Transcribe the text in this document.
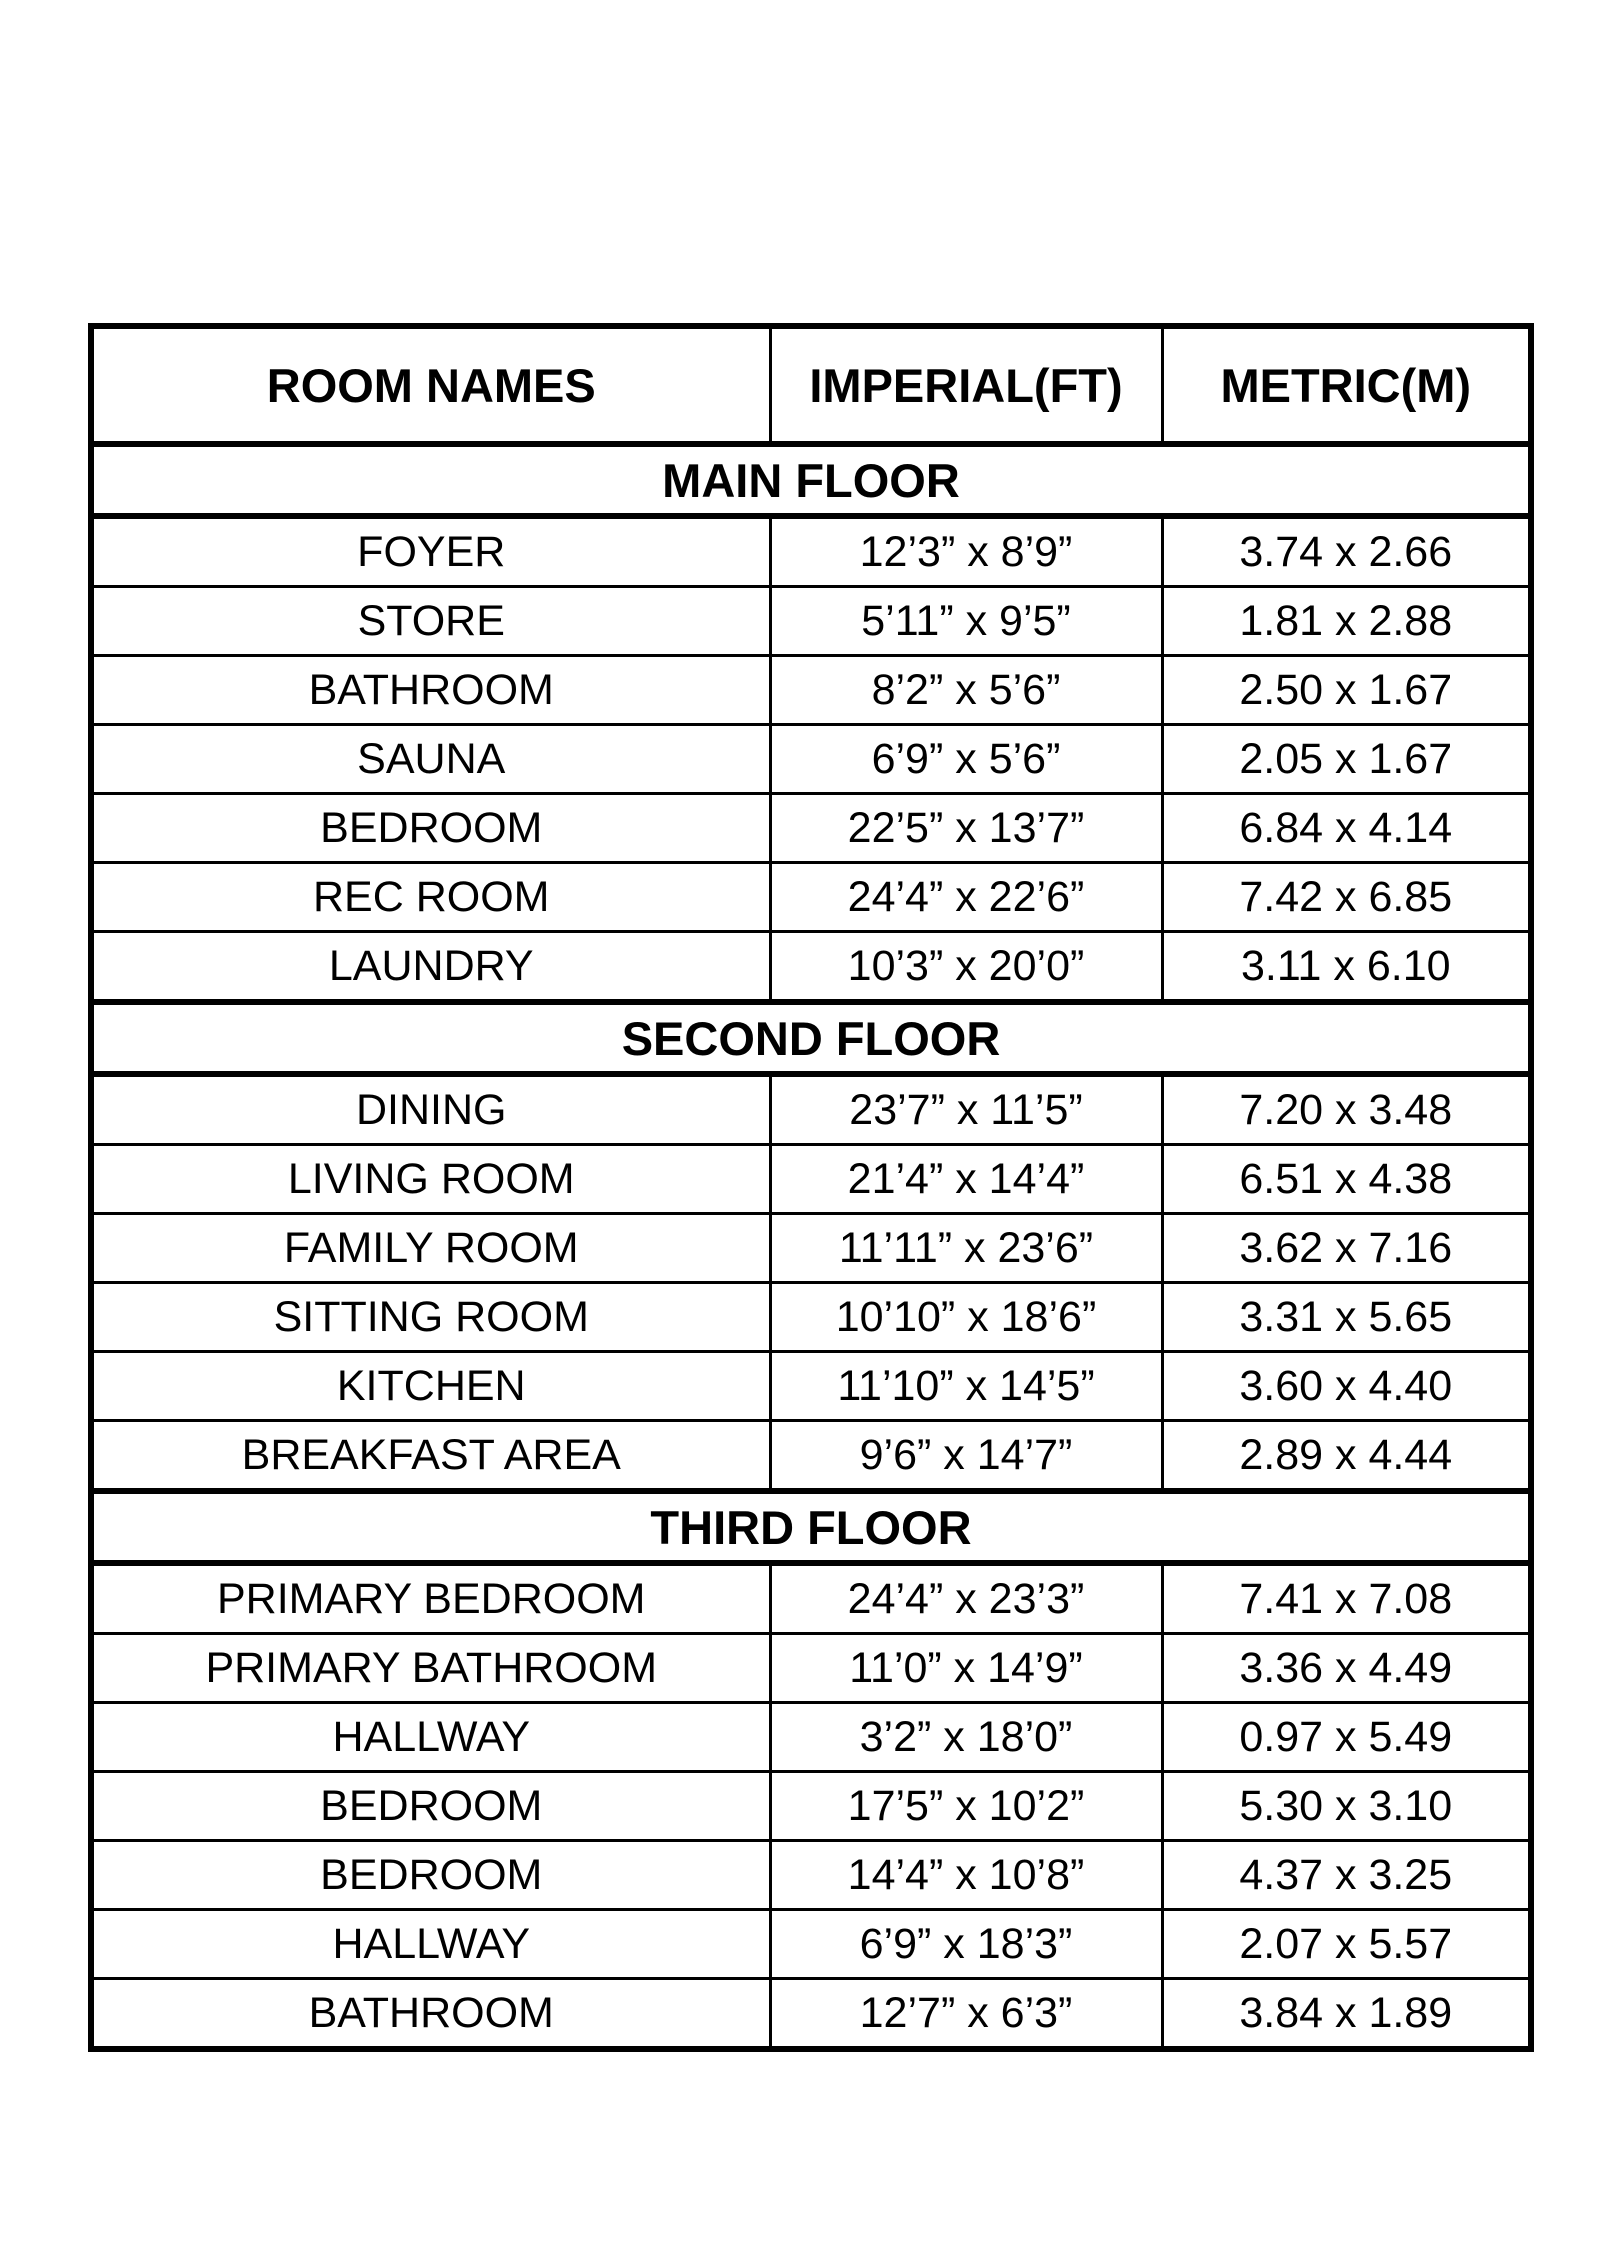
ROOM NAMES	IMPERIAL(FT)	METRIC(M)
MAIN FLOOR		
FOYER	12’3” x 8’9”	3.74 x 2.66
STORE	5’11” x 9’5”	1.81 x 2.88
BATHROOM	8’2” x 5’6”	2.50 x 1.67
SAUNA	6’9” x 5’6”	2.05 x 1.67
BEDROOM	22’5” x 13’7”	6.84 x 4.14
REC ROOM	24’4” x 22’6”	7.42 x 6.85
LAUNDRY	10’3” x 20’0”	3.11 x 6.10
SECOND FLOOR		
DINING	23’7” x 11’5”	7.20 x 3.48
LIVING ROOM	21’4” x 14’4”	6.51 x 4.38
FAMILY ROOM	11’11” x 23’6”	3.62 x 7.16
SITTING ROOM	10’10” x 18’6”	3.31 x 5.65
KITCHEN	11’10” x 14’5”	3.60 x 4.40
BREAKFAST AREA	9’6” x 14’7”	2.89 x 4.44
THIRD FLOOR		
PRIMARY BEDROOM	24’4” x 23’3”	7.41 x 7.08
PRIMARY BATHROOM	11’0” x 14’9”	3.36 x 4.49
HALLWAY	3’2” x 18’0”	0.97 x 5.49
BEDROOM	17’5” x 10’2”	5.30 x 3.10
BEDROOM	14’4” x 10’8”	4.37 x 3.25
HALLWAY	6’9” x 18’3”	2.07 x 5.57
BATHROOM	12’7” x 6’3”	3.84 x 1.89
